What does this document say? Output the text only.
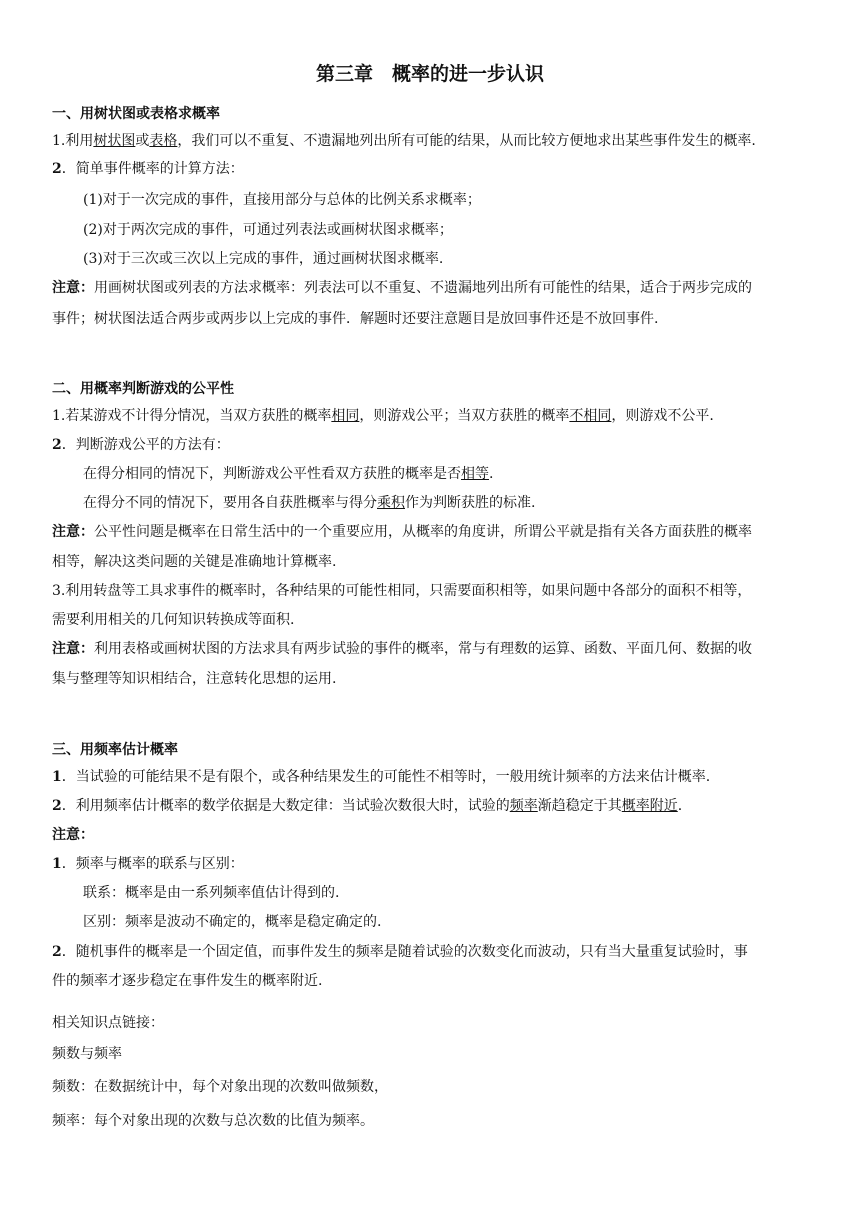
第三章　概率的进一步认识
一、用树状图或表格求概率
1.利用树状图或表格，我们可以不重复、不遗漏地列出所有可能的结果，从而比较方便地求出某些事件发生的概率.
2．简单事件概率的计算方法：
(1)对于一次完成的事件，直接用部分与总体的比例关系求概率；
(2)对于两次完成的事件，可通过列表法或画树状图求概率；
(3)对于三次或三次以上完成的事件，通过画树状图求概率.
注意：用画树状图或列表的方法求概率：列表法可以不重复、不遗漏地列出所有可能性的结果，适合于两步完成的
事件；树状图法适合两步或两步以上完成的事件．解题时还要注意题目是放回事件还是不放回事件.
二、用概率判断游戏的公平性
1.若某游戏不计得分情况，当双方获胜的概率相同，则游戏公平；当双方获胜的概率不相同，则游戏不公平.
2．判断游戏公平的方法有：
在得分相同的情况下，判断游戏公平性看双方获胜的概率是否相等.
在得分不同的情况下，要用各自获胜概率与得分乘积作为判断获胜的标准.
注意：公平性问题是概率在日常生活中的一个重要应用，从概率的角度讲，所谓公平就是指有关各方面获胜的概率
相等，解决这类问题的关键是准确地计算概率.
3.利用转盘等工具求事件的概率时，各种结果的可能性相同，只需要面积相等，如果问题中各部分的面积不相等，
需要利用相关的几何知识转换成等面积.
注意：利用表格或画树状图的方法求具有两步试验的事件的概率，常与有理数的运算、函数、平面几何、数据的收
集与整理等知识相结合，注意转化思想的运用.
三、用频率估计概率
1．当试验的可能结果不是有限个，或各种结果发生的可能性不相等时，一般用统计频率的方法来估计概率.
2．利用频率估计概率的数学依据是大数定律：当试验次数很大时，试验的频率渐趋稳定于其概率附近.
注意：
1．频率与概率的联系与区别：
联系：概率是由一系列频率值估计得到的.
区别：频率是波动不确定的，概率是稳定确定的.
2．随机事件的概率是一个固定值，而事件发生的频率是随着试验的次数变化而波动，只有当大量重复试验时，事
件的频率才逐步稳定在事件发生的概率附近.
相关知识点链接：
频数与频率
频数：在数据统计中，每个对象出现的次数叫做频数，
频率：每个对象出现的次数与总次数的比值为频率。
